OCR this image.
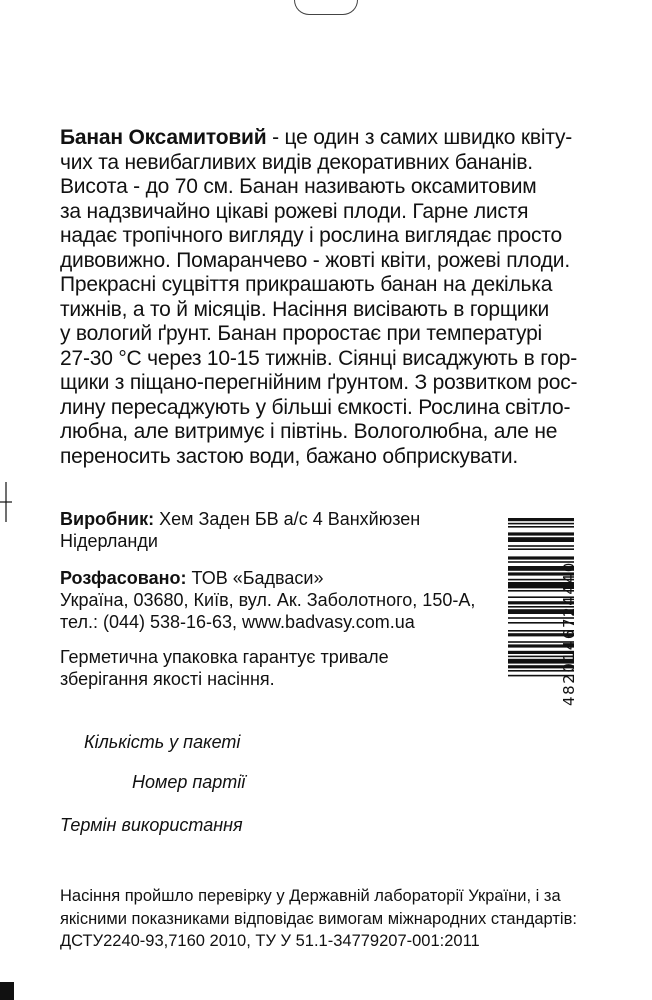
Банан Оксамитовий - це один з самих швидко квіту-
чих та невибагливих видів декоративних бананів.
Висота - до 70 см. Банан називають оксамитовим
за надзвичайно цікаві рожеві плоди. Гарне листя
надає тропічного вигляду і рослина виглядає просто
дивовижно. Помаранчево - жовті квіти, рожеві плоди.
Прекрасні суцвіття прикрашають банан на декілька
тижнів, а то й місяців. Насіння висівають в горщики
у вологий ґрунт. Банан проростає при температурі
27-30 °С через 10-15 тижнів. Сіянці висаджують в гор-
щики з піщано-перегнійним ґрунтом. З розвитком рос-
лину пересаджують у більші ємкості. Рослина світло-
любна, але витримує і півтінь. Вологолюбна, але не
переносить застою води, бажано обприскувати.
Виробник: Хем Заден БВ а/с 4 Ванхйюзен
Нідерланди
Розфасовано: ТОВ «Бадваси»
Україна, 03680, Київ, вул. Ак. Заболотного, 150-А,
тел.: (044) 538-16-63, www.badvasy.com.ua
Герметична упаковка гарантує тривале
зберігання якості насіння.
Кількість у пакеті
Номер партії
Термін використання
Насіння пройшло перевірку у Державній лабораторії України, і за
якісними показниками відповідає вимогам міжнародних стандартів:
ДСТУ2240-93,7160 2010, ТУ У 51.1-34779207-001:2011
4820146724440
